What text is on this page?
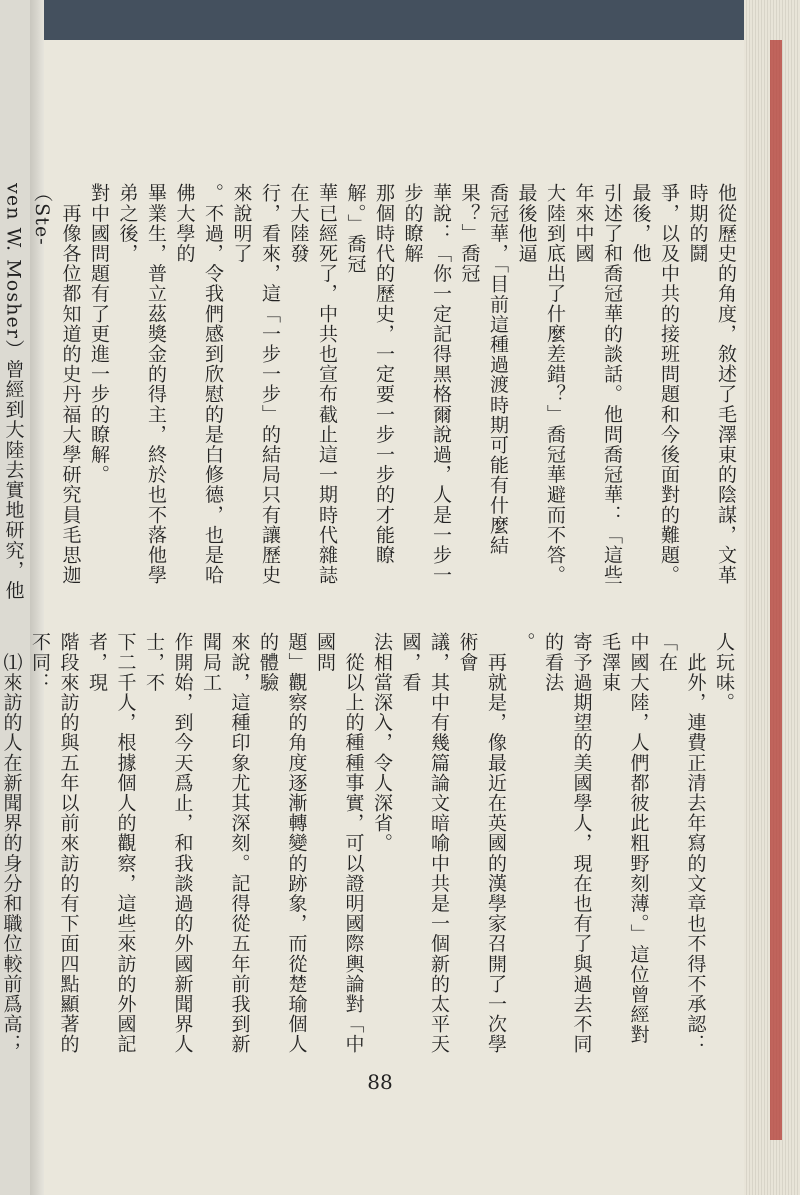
他從歷史的角度，敘述了毛澤東的陰謀，文革時期的鬪
爭，以及中共的接班問題和今後面對的難題。最後，他
引述了和喬冠華的談話。他問喬冠華：「這些年來中國
大陸到底出了什麼差錯？」喬冠華避而不答。最後他逼
喬冠華，「目前這種過渡時期可能有什麼結果？」喬冠
華說：「你一定記得黑格爾說過，人是一步一步的瞭解
那個時代的歷史，一定要一步一步的才能瞭解。」喬冠
華已經死了，中共也宣布截止這一期時代雜誌在大陸發
行，看來，這「一步一步」的結局只有讓歷史來說明了
。不過，令我們感到欣慰的是白修德，也是哈佛大學的
畢業生，普立茲獎金的得主，終於也不落他學弟之後，
對中國問題有了更進一步的瞭解。
　再像各位都知道的史丹福大學研究員毛思迦（Ste-
ven W. Mosher）曾經到大陸去實地研究，他

人玩味。
　此外，連費正清去年寫的文章也不得不承認：「在
中國大陸，人們都彼此粗野刻薄。」這位曾經對毛澤東
寄予過期望的美國學人，現在也有了與過去不同的看法
。
　再就是，像最近在英國的漢學家召開了一次學術會
議，其中有幾篇論文暗喻中共是一個新的太平天國，看
法相當深入，令人深省。
　從以上的種種事實，可以證明國際輿論對「中國問
題」觀察的角度逐漸轉變的跡象，而從楚瑜個人的體驗
來說，這種印象尤其深刻。記得從五年前我到新聞局工
作開始，到今天爲止，和我談過的外國新聞界人士，不
下二千人，根據個人的觀察，這些來訪的外國記者，現
階段來訪的與五年以前來訪的有下面四點顯著的不同：
　⑴來訪的人在新聞界的身分和職位較前爲高；

88
